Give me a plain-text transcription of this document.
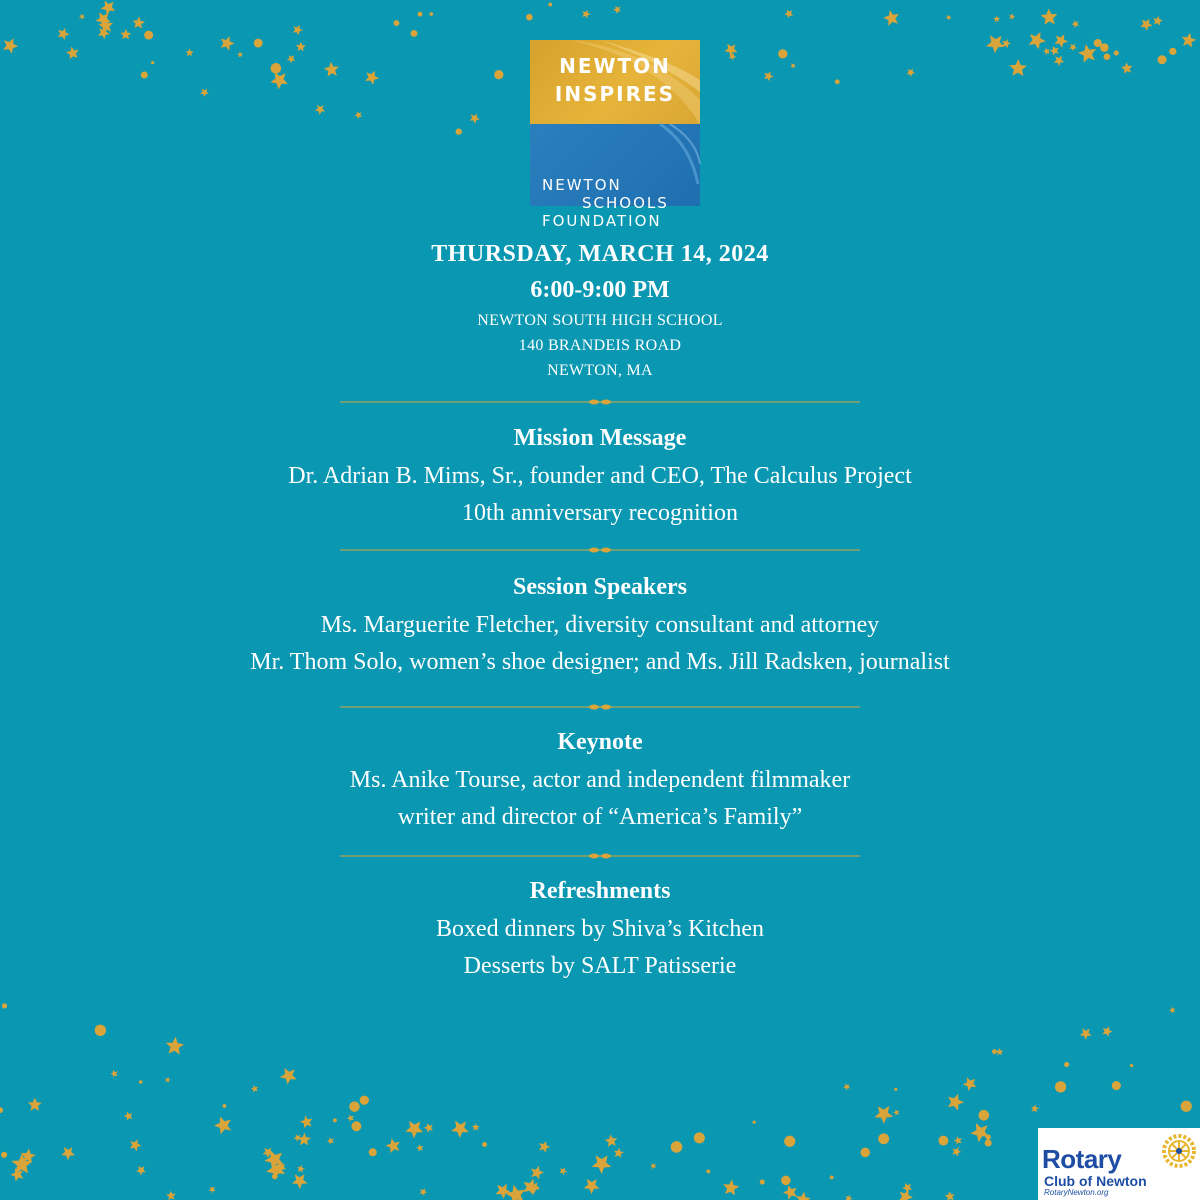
NEWTON
INSPIRES
NEWTON
SCHOOLS
FOUNDATION
THURSDAY, MARCH 14, 2024
6:00-9:00 PM
NEWTON SOUTH HIGH SCHOOL
140 BRANDEIS ROAD
NEWTON, MA
Mission Message
Dr. Adrian B. Mims, Sr., founder and CEO, The Calculus Project
10th anniversary recognition
Session Speakers
Ms. Marguerite Fletcher, diversity consultant and attorney
Mr. Thom Solo, women’s shoe designer; and Ms. Jill Radsken, journalist
Keynote
Ms. Anike Tourse, actor and independent filmmaker
writer and director of “America’s Family”
Refreshments
Boxed dinners by Shiva’s Kitchen
Desserts by SALT Patisserie
Rotary
Club of Newton
RotaryNewton.org
